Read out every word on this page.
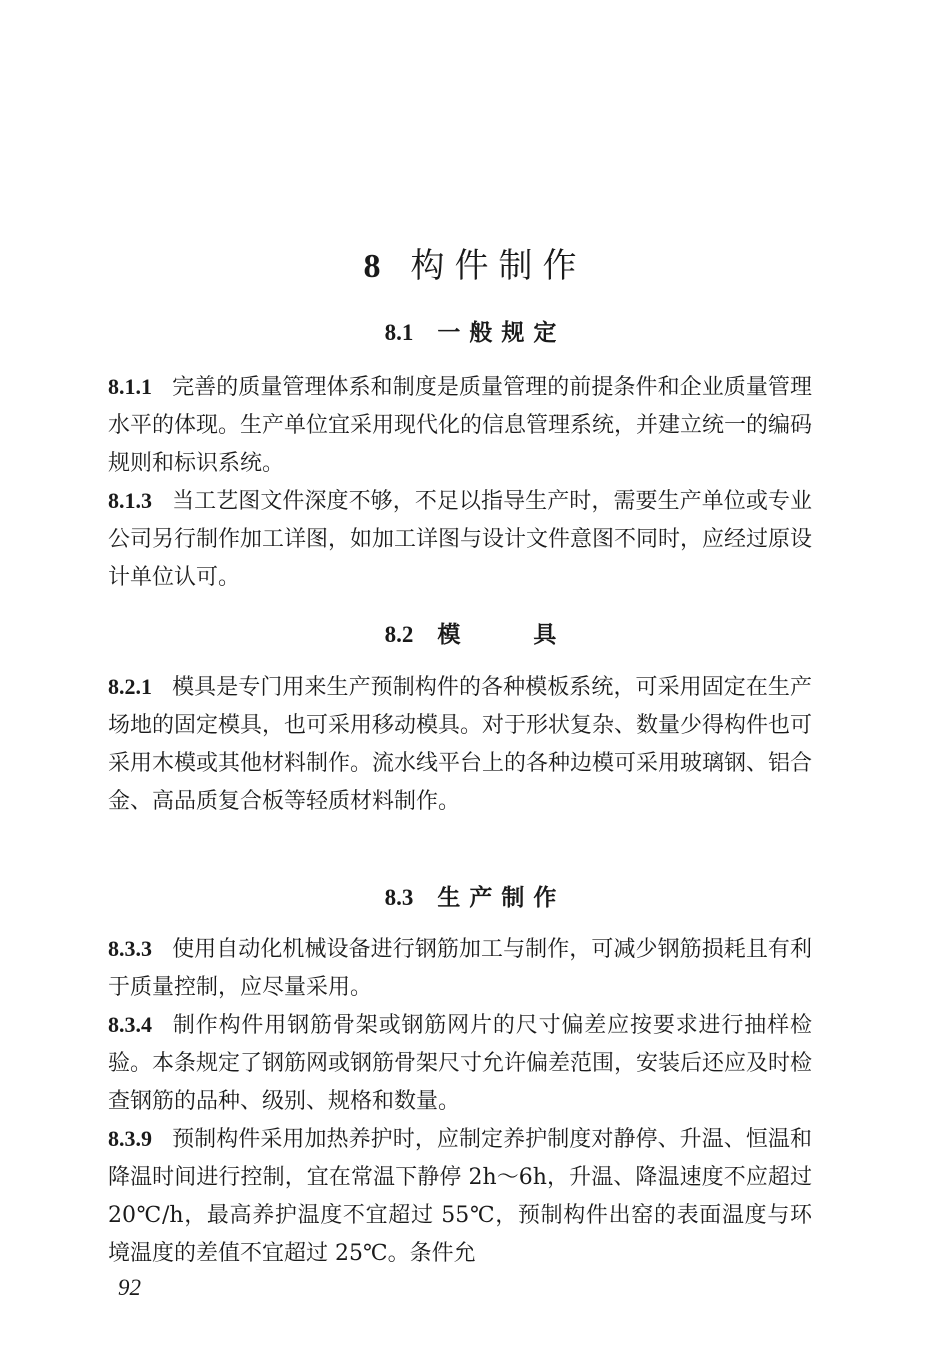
8 构件制作
8.1 一般规定
8.1.1 完善的质量管理体系和制度是质量管理的前提条件和企业质量管理水平的体现。生产单位宜采用现代化的信息管理系统，并建立统一的编码规则和标识系统。
8.1.3 当工艺图文件深度不够，不足以指导生产时，需要生产单位或专业公司另行制作加工详图，如加工详图与设计文件意图不同时，应经过原设计单位认可。
8.2 模　　具
8.2.1 模具是专门用来生产预制构件的各种模板系统，可采用固定在生产场地的固定模具，也可采用移动模具。对于形状复杂、数量少得构件也可采用木模或其他材料制作。流水线平台上的各种边模可采用玻璃钢、铝合金、高品质复合板等轻质材料制作。
8.3 生产制作
8.3.3 使用自动化机械设备进行钢筋加工与制作，可减少钢筋损耗且有利于质量控制，应尽量采用。
8.3.4 制作构件用钢筋骨架或钢筋网片的尺寸偏差应按要求进行抽样检验。本条规定了钢筋网或钢筋骨架尺寸允许偏差范围，安装后还应及时检查钢筋的品种、级别、规格和数量。
8.3.9 预制构件采用加热养护时，应制定养护制度对静停、升温、恒温和降温时间进行控制，宜在常温下静停 2h～6h，升温、降温速度不应超过 20℃/h，最高养护温度不宜超过 55℃，预制构件出窑的表面温度与环境温度的差值不宜超过 25℃。条件允
92
